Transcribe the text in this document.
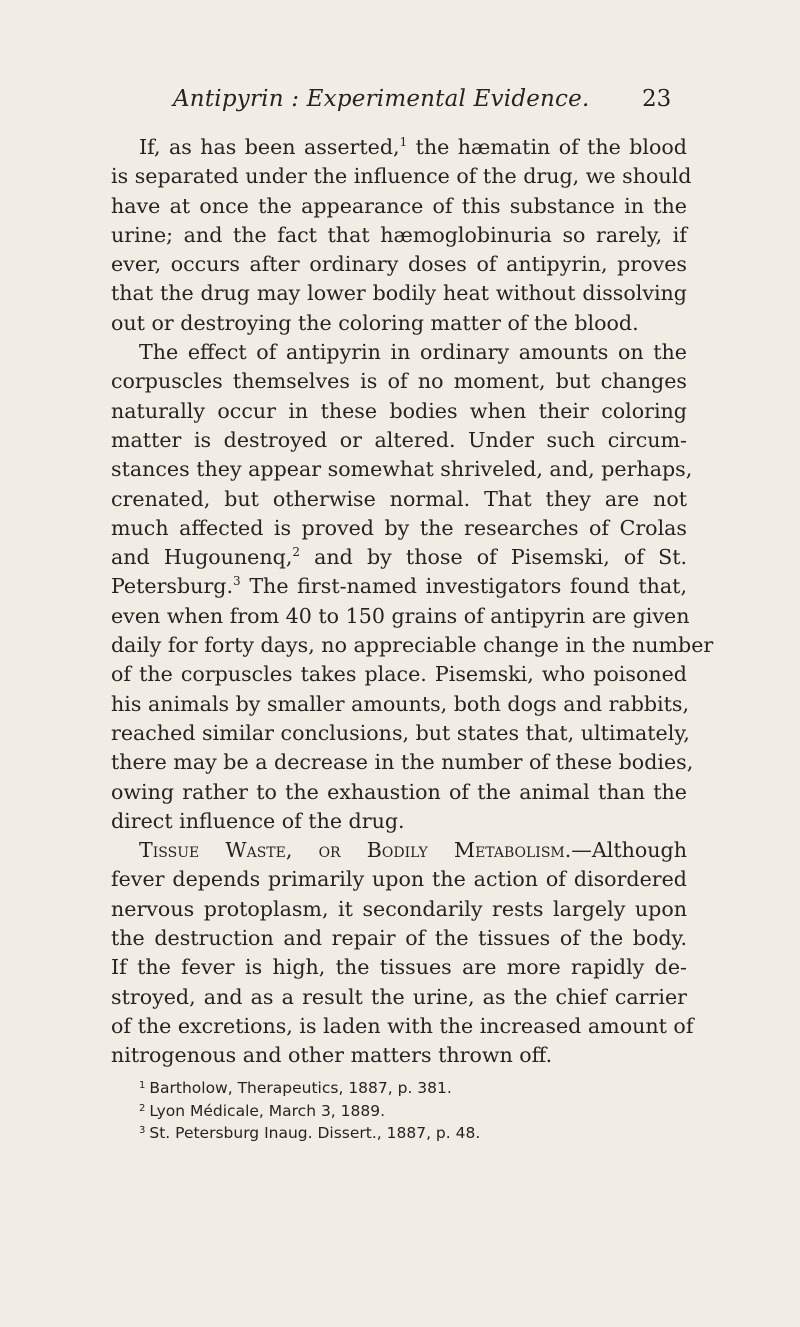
Antipyrin : Experimental Evidence. 23
If, as has been asserted,$^1$ the hæmatin of the blood
is separated under the influence of the drug, we should
have at once the appearance of this substance in the
urine; and the fact that hæmoglobinuria so rarely, if
ever, occurs after ordinary doses of antipyrin, proves
that the drug may lower bodily heat without dissolving
out or destroying the coloring matter of the blood.
The effect of antipyrin in ordinary amounts on the
corpuscles themselves is of no moment, but changes
naturally occur in these bodies when their coloring
matter is destroyed or altered. Under such circum-
stances they appear somewhat shriveled, and, perhaps,
crenated, but otherwise normal. That they are not
much affected is proved by the researches of Crolas
and Hugounenq,$^2$ and by those of Pisemski, of St.
Petersburg.$^3$ The first-named investigators found that,
even when from 40 to 150 grains of antipyrin are given
daily for forty days, no appreciable change in the number
of the corpuscles takes place. Pisemski, who poisoned
his animals by smaller amounts, both dogs and rabbits,
reached similar conclusions, but states that, ultimately,
there may be a decrease in the number of these bodies,
owing rather to the exhaustion of the animal than the
direct influence of the drug.
Tissue Waste, or Bodily Metabolism.—Although
fever depends primarily upon the action of disordered
nervous protoplasm, it secondarily rests largely upon
the destruction and repair of the tissues of the body.
If the fever is high, the tissues are more rapidly de-
stroyed, and as a result the urine, as the chief carrier
of the excretions, is laden with the increased amount of
nitrogenous and other matters thrown off.
$^1$ Bartholow, Therapeutics, 1887, p. 381.
$^2$ Lyon Médicale, March 3, 1889.
$^3$ St. Petersburg Inaug. Dissert., 1887, p. 48.
